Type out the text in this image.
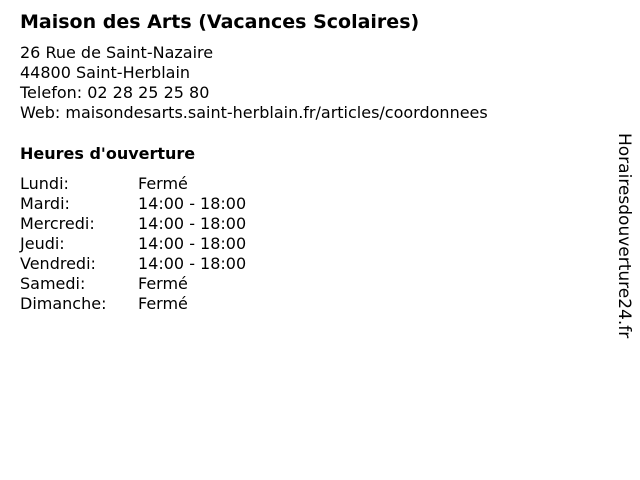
Maison des Arts (Vacances Scolaires)
26 Rue de Saint-Nazaire
44800 Saint-Herblain
Telefon: 02 28 25 25 80
Web: maisondesarts.saint-herblain.fr/articles/coordonnees
Heures d'ouverture
Lundi:	Fermé
Mardi:	14:00 - 18:00
Mercredi:	14:00 - 18:00
Jeudi:	14:00 - 18:00
Vendredi:	14:00 - 18:00
Samedi:	Fermé
Dimanche:	Fermé	Horairesdouverture24.fr
